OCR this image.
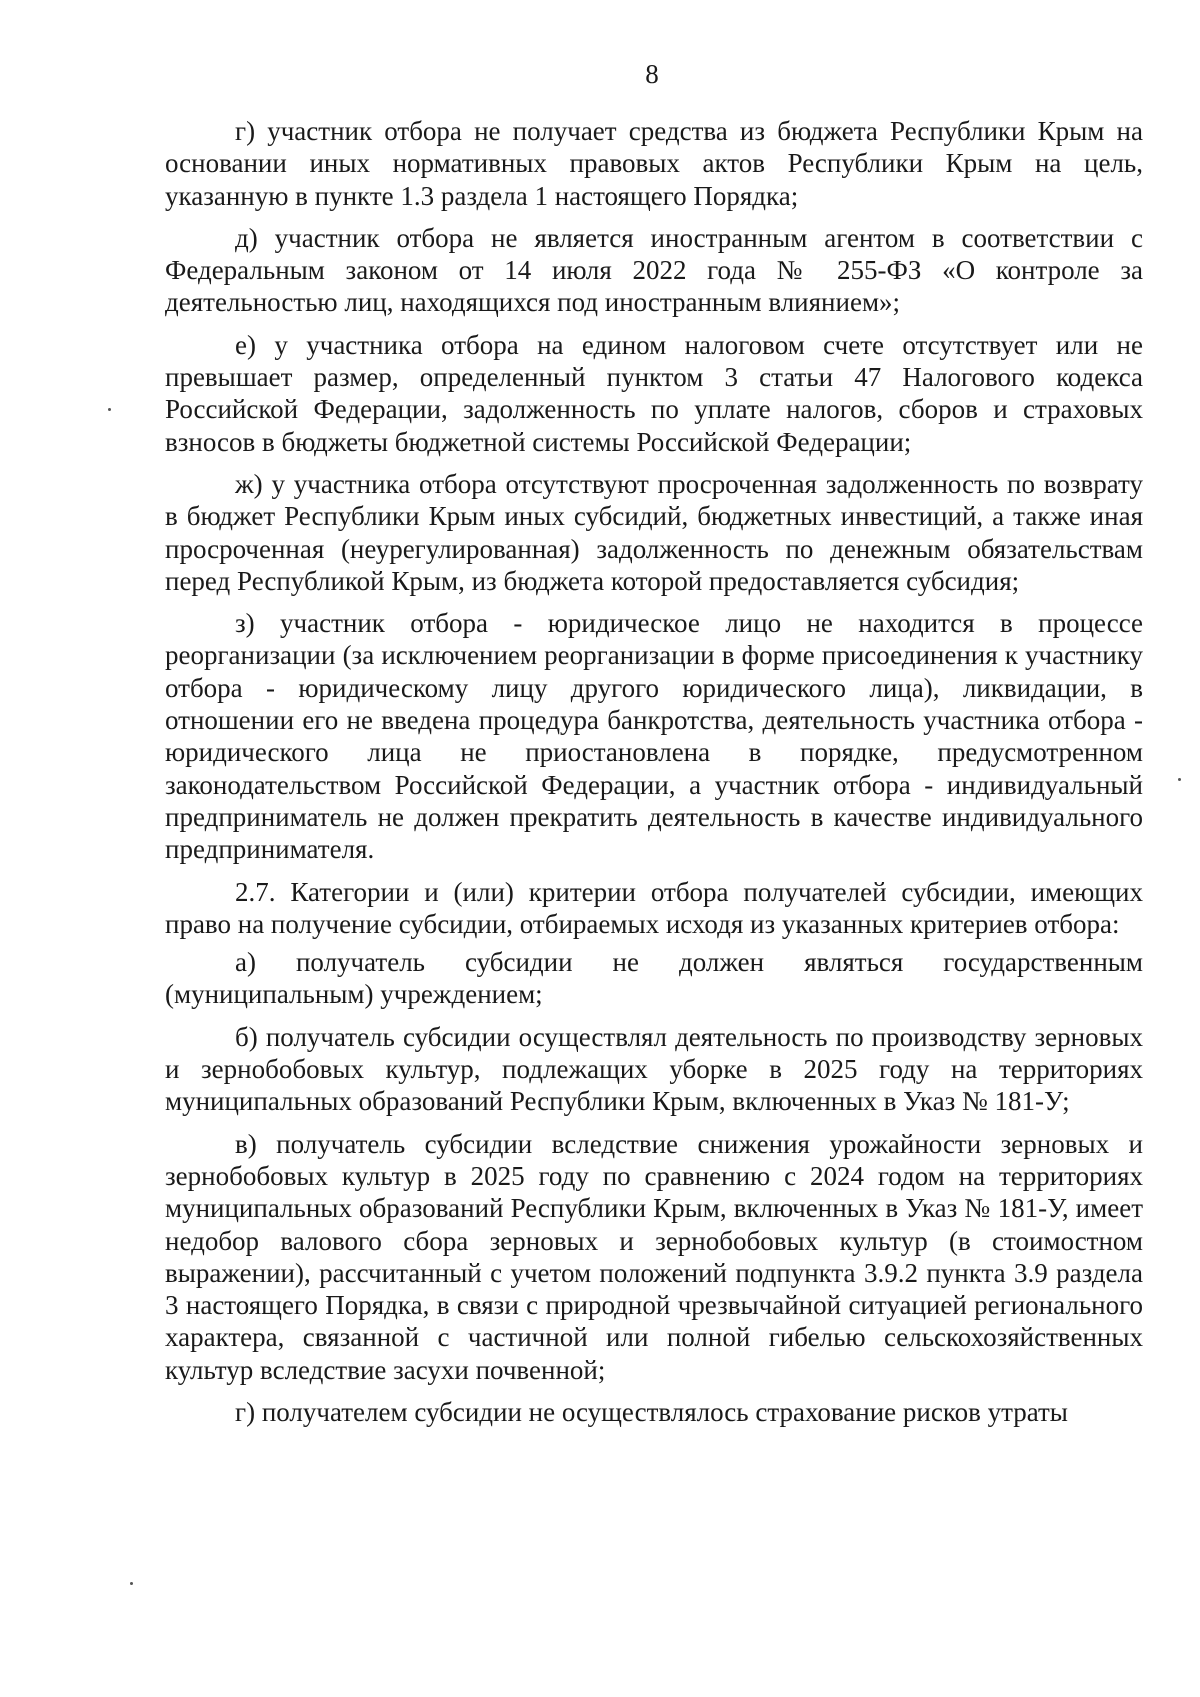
8

г) участник отбора не получает средства из бюджета Республики Крым на основании иных нормативных правовых актов Республики Крым на цель, указанную в пункте 1.3 раздела 1 настоящего Порядка;

д) участник отбора не является иностранным агентом в соответствии с Федеральным законом от 14 июля 2022 года № 255-ФЗ «О контроле за деятельностью лиц, находящихся под иностранным влиянием»;

е) у участника отбора на едином налоговом счете отсутствует или не превышает размер, определенный пунктом 3 статьи 47 Налогового кодекса Российской Федерации, задолженность по уплате налогов, сборов и страховых взносов в бюджеты бюджетной системы Российской Федерации;

ж) у участника отбора отсутствуют просроченная задолженность по возврату в бюджет Республики Крым иных субсидий, бюджетных инвестиций, а также иная просроченная (неурегулированная) задолженность по денежным обязательствам перед Республикой Крым, из бюджета которой предоставляется субсидия;

з) участник отбора - юридическое лицо не находится в процессе реорганизации (за исключением реорганизации в форме присоединения к участнику отбора - юридическому лицу другого юридического лица), ликвидации, в отношении его не введена процедура банкротства, деятельность участника отбора - юридического лица не приостановлена в порядке, предусмотренном законодательством Российской Федерации, а участник отбора - индивидуальный предприниматель не должен прекратить деятельность в качестве индивидуального предпринимателя.

2.7. Категории и (или) критерии отбора получателей субсидии, имеющих право на получение субсидии, отбираемых исходя из указанных критериев отбора:

а) получатель субсидии не должен являться государственным (муниципальным) учреждением;

б) получатель субсидии осуществлял деятельность по производству зерновых и зернобобовых культур, подлежащих уборке в 2025 году на территориях муниципальных образований Республики Крым, включенных в Указ № 181-У;

в) получатель субсидии вследствие снижения урожайности зерновых и зернобобовых культур в 2025 году по сравнению с 2024 годом на территориях муниципальных образований Республики Крым, включенных в Указ № 181-У, имеет недобор валового сбора зерновых и зернобобовых культур (в стоимостном выражении), рассчитанный с учетом положений подпункта 3.9.2 пункта 3.9 раздела 3 настоящего Порядка, в связи с природной чрезвычайной ситуацией регионального характера, связанной с частичной или полной гибелью сельскохозяйственных культур вследствие засухи почвенной;

г) получателем субсидии не осуществлялось страхование рисков утраты
